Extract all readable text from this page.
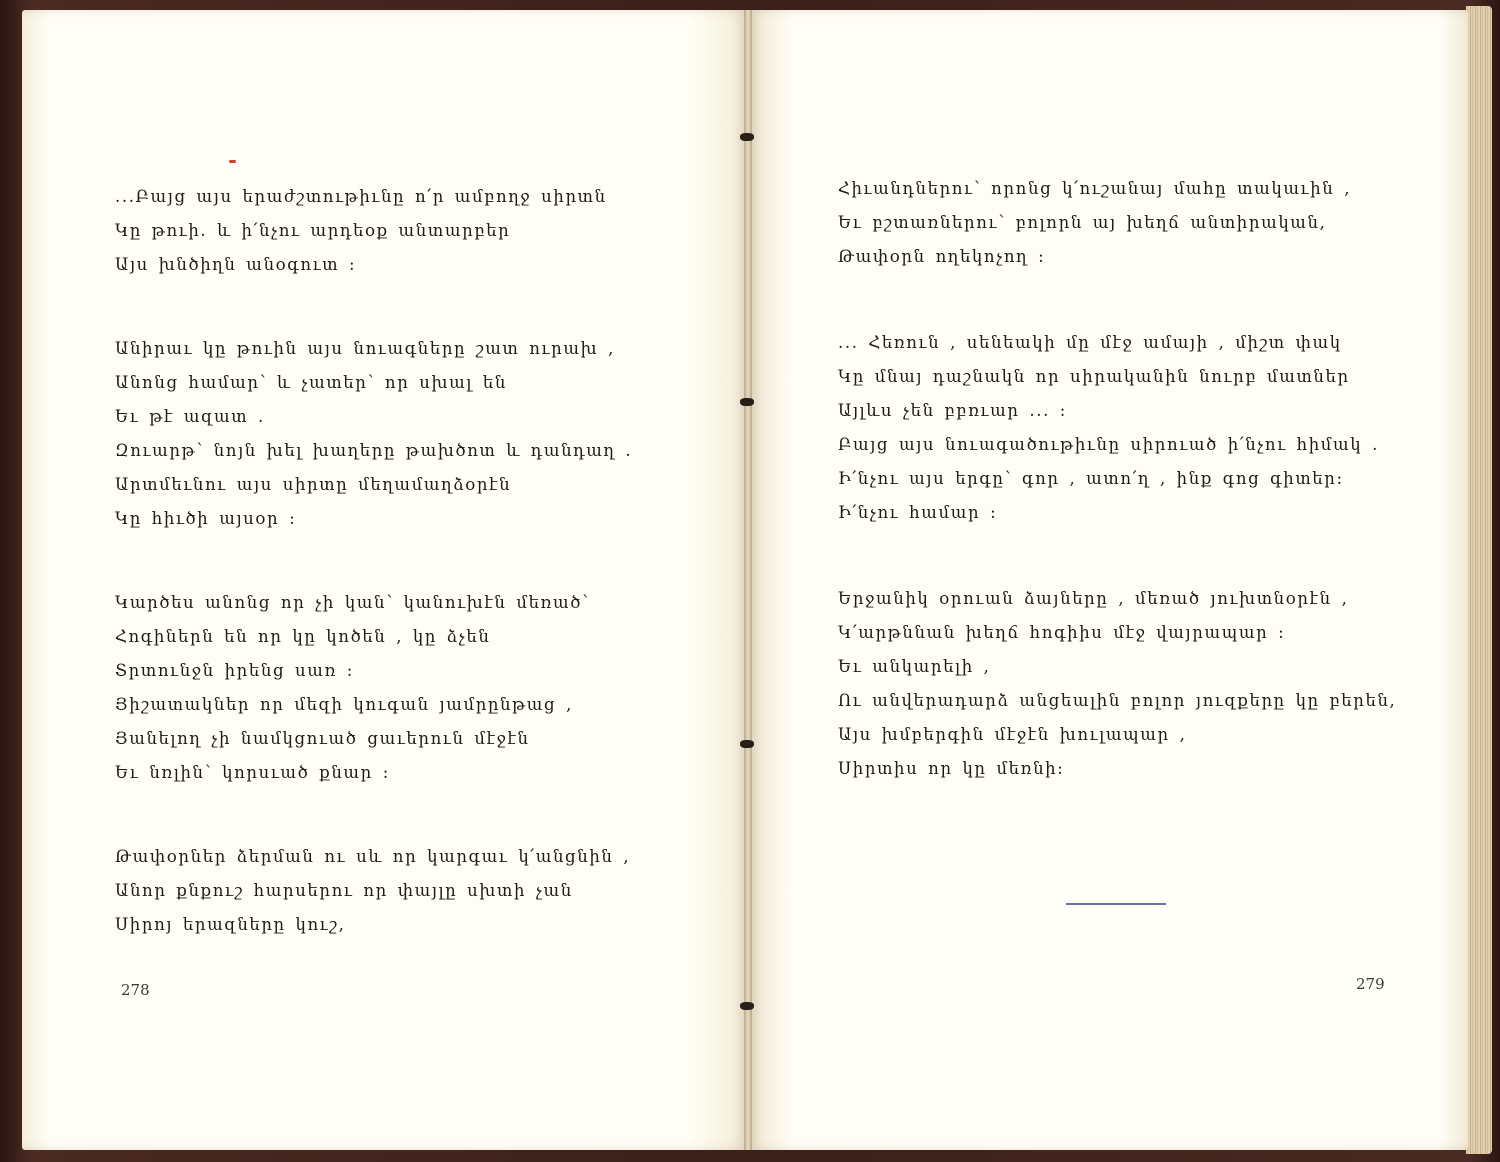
...Բայց այս երաժշտութիւնը ո՛ր ամբողջ սիրտն
Կը թուի. և ի՛նչու արդեօք անտարբեր
Այս խնծիղն անօգուտ :
Անիրաւ կը թուին այս նուագները շատ ուրախ ,
Անոնց համար՝ և չատեր՝ որ սխալ են
Եւ թէ ազատ .
Զուարթ՝ նոյն խել խաղերը թախծոտ և դանդաղ .
Արտմեւնու այս սիրտը մեղամաղձօրէն
Կը հիւծի այսօր :
Կարծես անոնց որ չի կան՝ կանուխէն մեռած՝
Հոգիներն են որ կը կոծեն , կը ձչեն
Տրտունջն իրենց սառ :
Յիշատակներ որ մեզի կուգան յամրընթաց ,
Յանելող չի նամկցուած ցաւերուն մէջէն
Եւ նռլին՝ կորսւած քնար :
Թափօրներ ձերման ու սև որ կարգաւ կ՛անցնին ,
Անոր քնքուշ հարսերու որ փայլը սխտի չան
Սիրոյ երազները կուշ,
Հիւանդներու՝ որոնց կ՛ուշանայ մահը տակաւին ,
Եւ բշտառներու՝ բոլորն այ խեղճ անտիրական,
Թափօրն ողեկոչող :
... Հեռուն , սենեակի մը մէջ ամայի , միշտ փակ
Կը մնայ դաշնակն որ սիրականին նուրբ մատներ
Այլևս չեն բբռւար ... :
Բայց այս նուագածութիւնը սիրուած ի՛նչու հիմակ .
Ի՛նչու այս երգը՝ գոր , ատո՛ղ , ինք գոց գիտեր:
Ի՛նչու համար :
Երջանիկ օրուան ձայները , մեռած յուխտնօրէն ,
Կ՛արթննան խեղճ հոգիիս մէջ վայրապար :
Եւ անկարելի ,
Ու անվերադարձ անցեալին բոլոր յուզքերը կը բերեն,
Այս խմբերգին մէջէն խուլապար ,
Սիրտիս որ կը մեռնի:
278	279
